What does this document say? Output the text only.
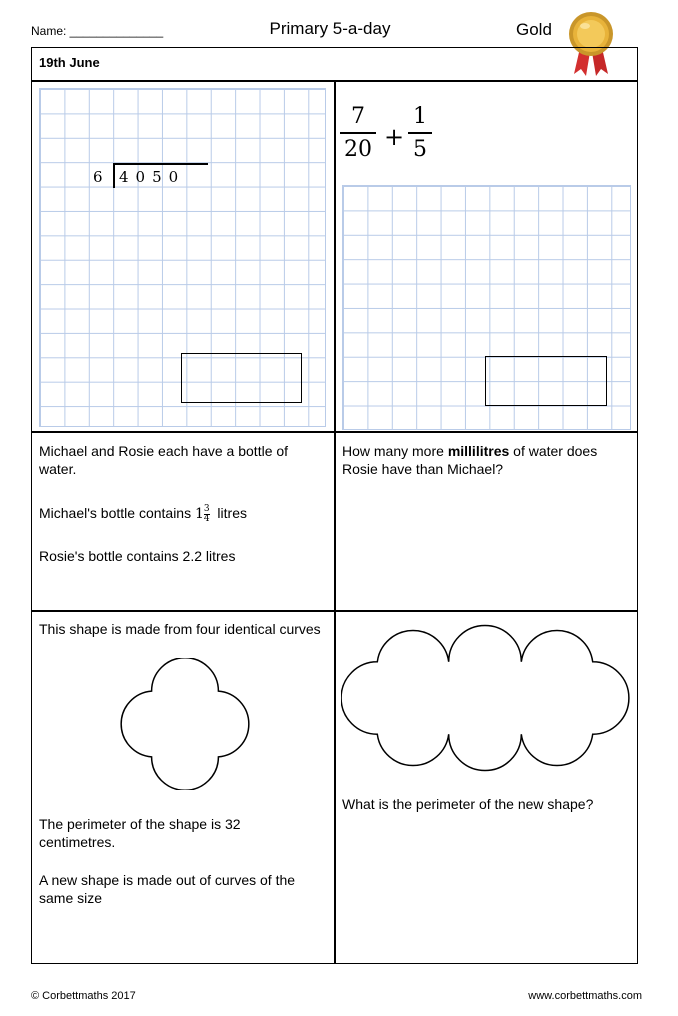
Name: ______________	Primary 5-a-day	Gold
19th June
6 4050
7
20 +
1
5
Michael and Rosie each have a bottle of water.
Michael's bottle contains $1 \frac{3}{4}$ litres
Rosie's bottle contains 2.2 litres
How many more millilitres of water does Rosie have than Michael?
This shape is made from four identical curves
The perimeter of the shape is 32 centimetres.
A new shape is made out of curves of the same size
What is the perimeter of the new shape?
© Corbettmaths 2017	www.corbettmaths.com
